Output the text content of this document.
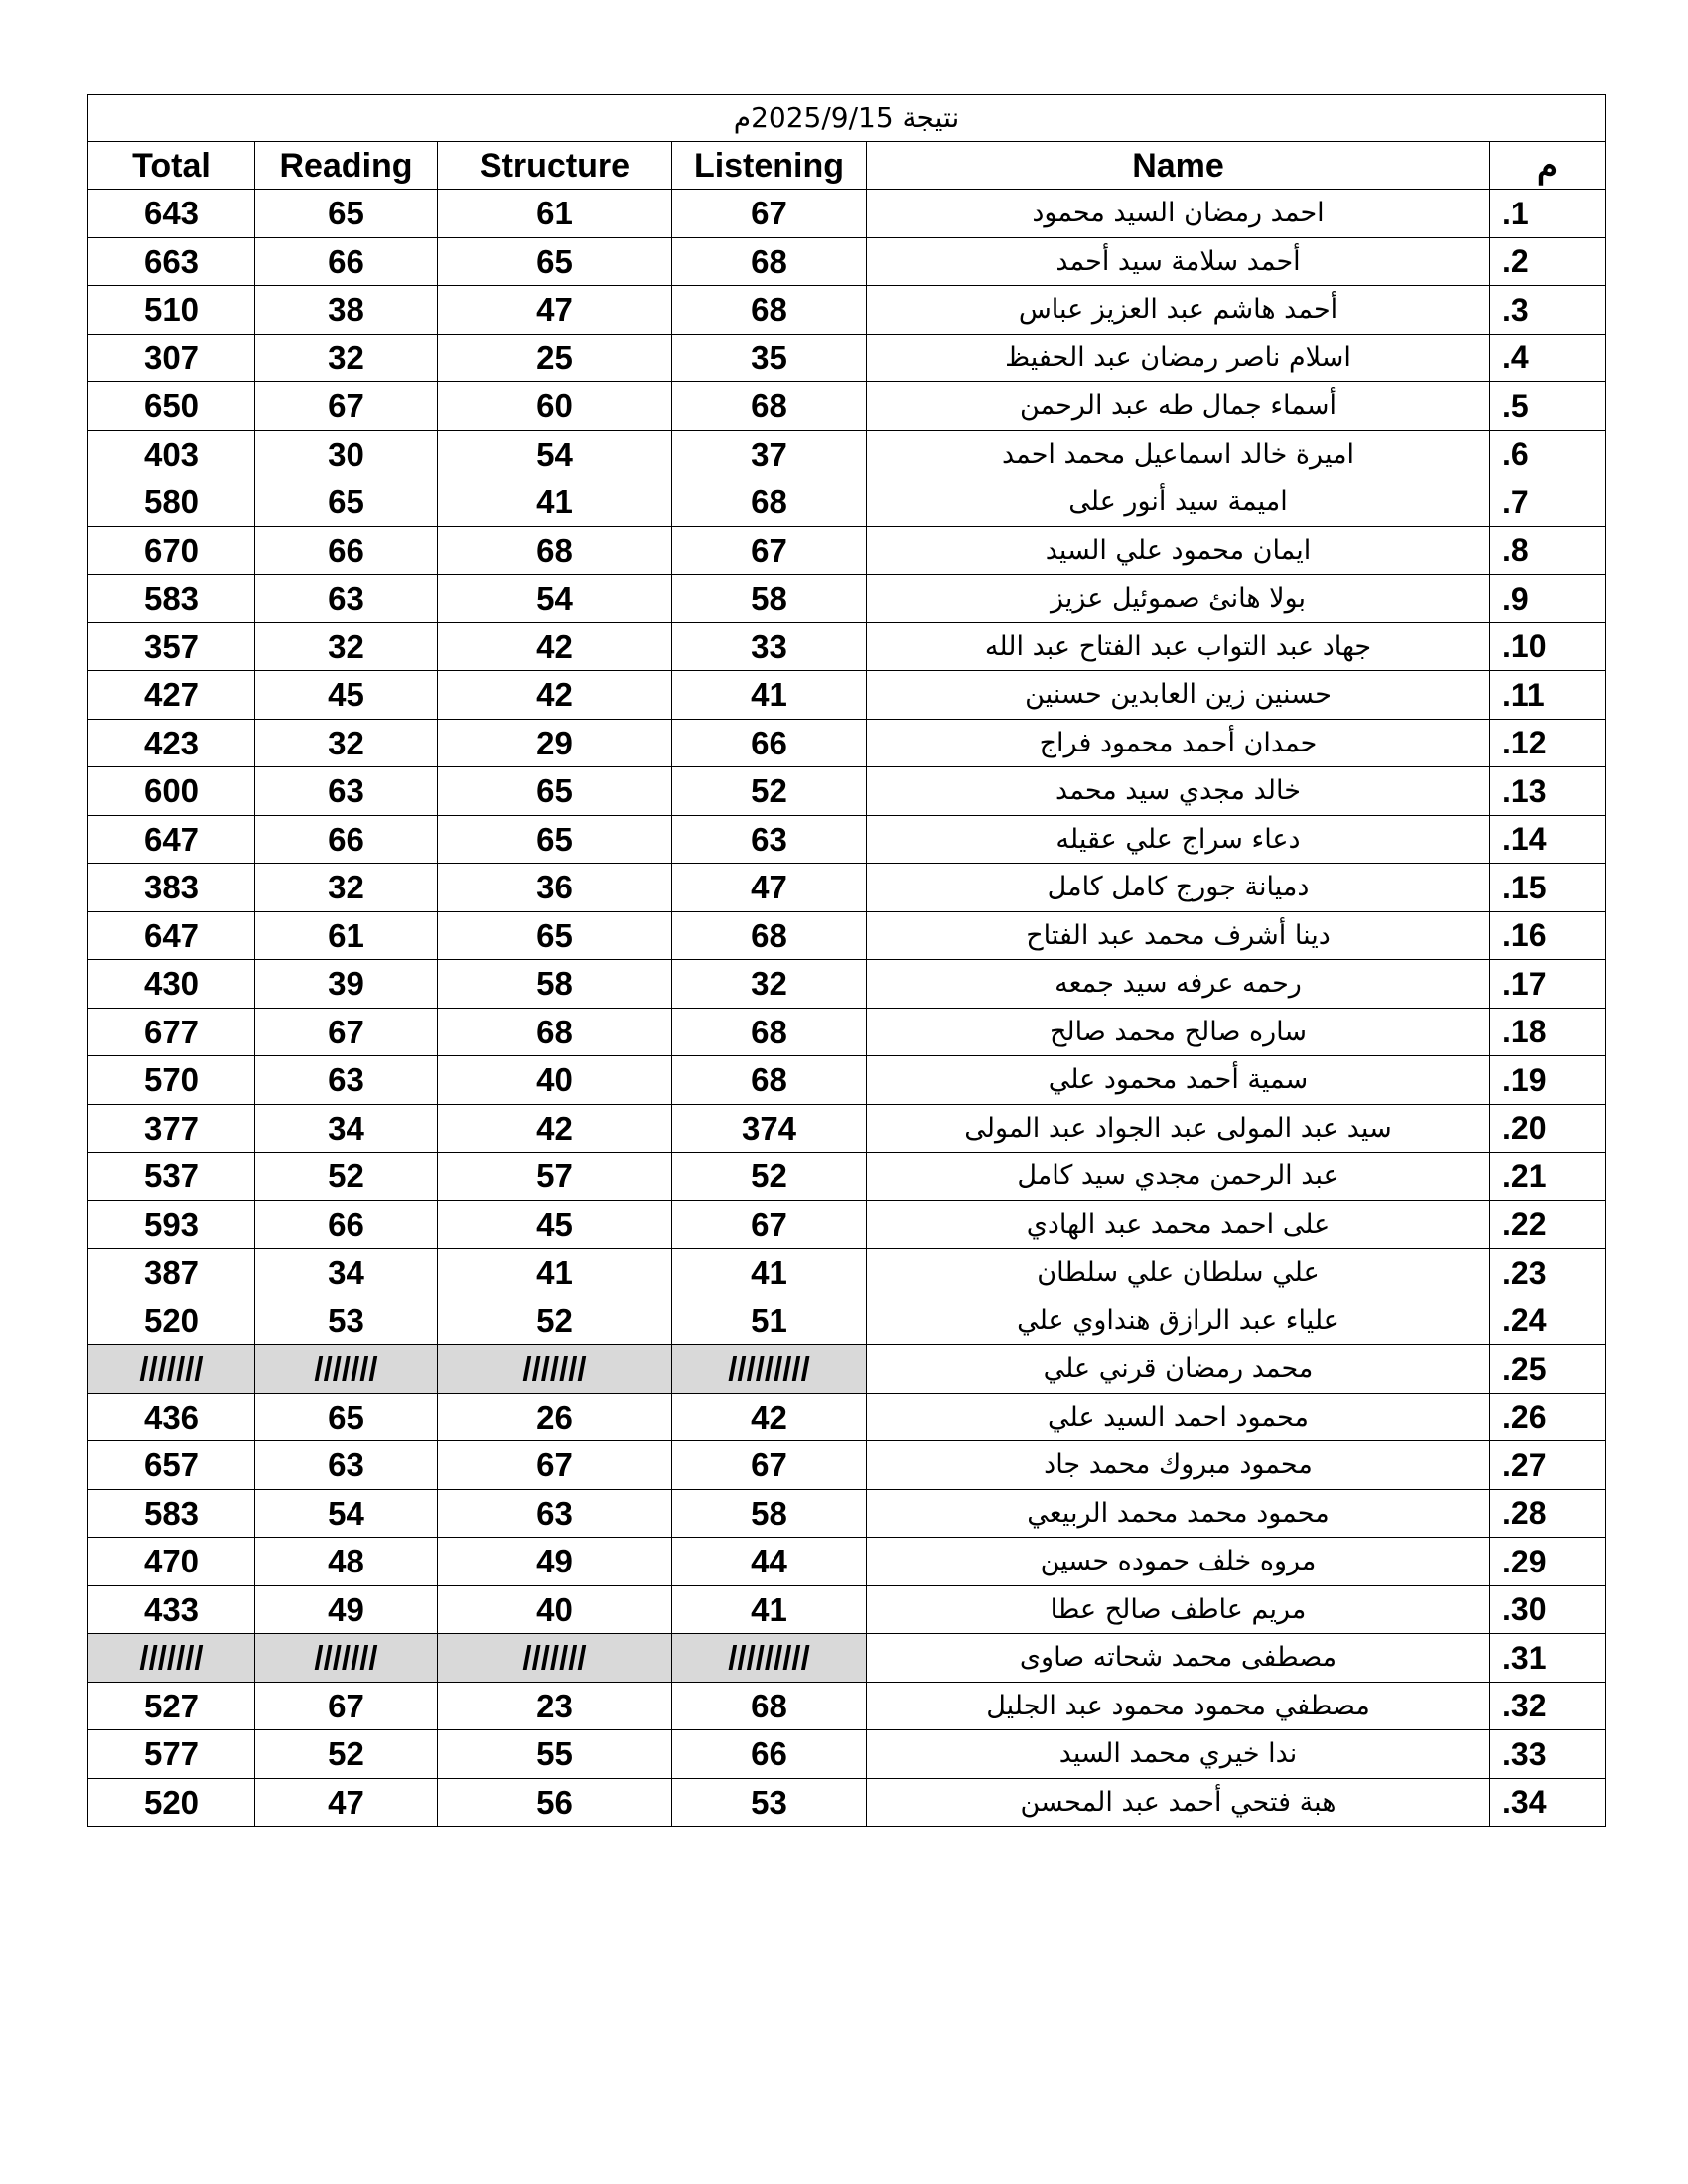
نتيجة 2025/9/15م					
Total	Reading	Structure	Listening	Name	م
643	65	61	67	احمد رمضان السيد محمود	.1
663	66	65	68	أحمد سلامة سيد أحمد	.2
510	38	47	68	أحمد هاشم عبد العزيز عباس	.3
307	32	25	35	اسلام ناصر رمضان عبد الحفيظ	.4
650	67	60	68	أسماء جمال طه عبد الرحمن	.5
403	30	54	37	اميرة خالد اسماعيل محمد احمد	.6
580	65	41	68	اميمة سيد أنور على	.7
670	66	68	67	ايمان محمود علي السيد	.8
583	63	54	58	بولا هانئ صموئيل عزيز	.9
357	32	42	33	جهاد عبد التواب عبد الفتاح عبد الله	.10
427	45	42	41	حسنين زين العابدين حسنين	.11
423	32	29	66	حمدان أحمد محمود فراج	.12
600	63	65	52	خالد مجدي سيد محمد	.13
647	66	65	63	دعاء سراج علي عقيله	.14
383	32	36	47	دميانة جورج كامل كامل	.15
647	61	65	68	دينا أشرف محمد عبد الفتاح	.16
430	39	58	32	رحمه عرفه سيد جمعه	.17
677	67	68	68	ساره صالح محمد صالح	.18
570	63	40	68	سمية أحمد محمود علي	.19
377	34	42	374	سيد عبد المولى عبد الجواد عبد المولى	.20
537	52	57	52	عبد الرحمن مجدي سيد كامل	.21
593	66	45	67	على احمد محمد عبد الهادي	.22
387	34	41	41	علي سلطان علي سلطان	.23
520	53	52	51	علياء عبد الرازق هنداوي علي	.24
///////	///////	///////	/////////	محمد رمضان قرني علي	.25
436	65	26	42	محمود احمد السيد علي	.26
657	63	67	67	محمود مبروك محمد جاد	.27
583	54	63	58	محمود محمد محمد الربيعي	.28
470	48	49	44	مروه خلف حموده حسين	.29
433	49	40	41	مريم عاطف صالح عطا	.30
///////	///////	///////	/////////	مصطفى محمد شحاته صاوى	.31
527	67	23	68	مصطفي محمود محمود عبد الجليل	.32
577	52	55	66	ندا خيري محمد السيد	.33
520	47	56	53	هبة فتحي أحمد عبد المحسن	.34
